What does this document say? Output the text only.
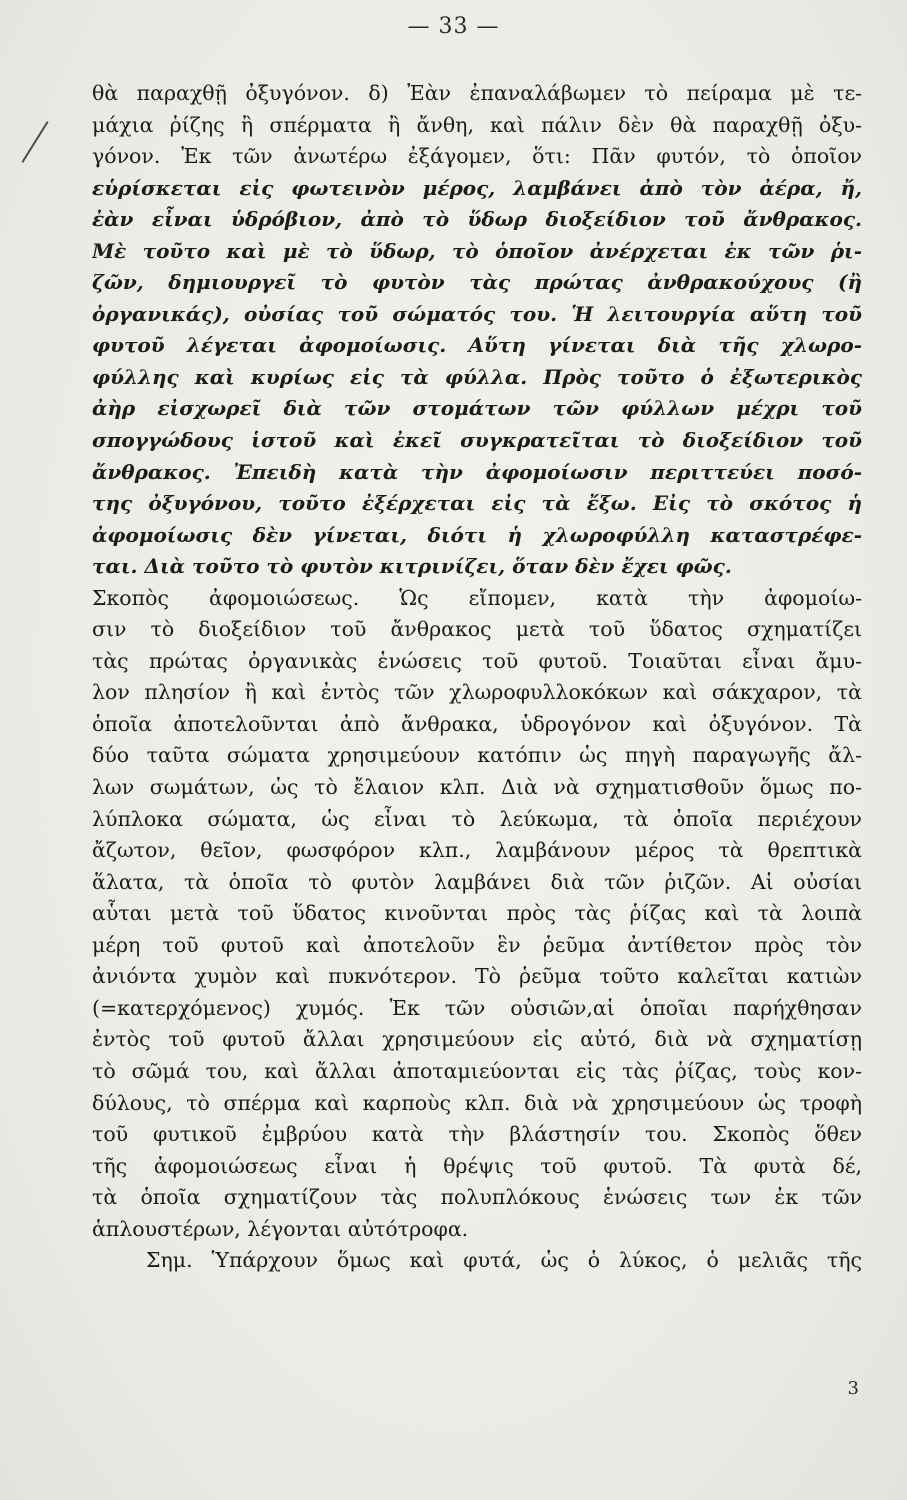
— 33 —
θὰ παραχθῇ ὀξυγόνον. δ) Ἐὰν ἐπαναλάβωμεν τὸ πείραμα μὲ τε-
μάχια ῥίζης ἢ σπέρματα ἢ ἄνθη, καὶ πάλιν δὲν θὰ παραχθῇ ὀξυ-
γόνον. Ἐκ τῶν ἀνωτέρω ἐξάγομεν, ὅτι: Πᾶν φυτόν, τὸ ὁποῖον
εὑρίσκεται εἰς φωτεινὸν μέρος, λαμβάνει ἀπὸ τὸν ἀέρα, ἤ,
ἐὰν εἶναι ὑδρόβιον, ἀπὸ τὸ ὕδωρ διοξείδιον τοῦ ἄνθρακος.
Μὲ τοῦτο καὶ μὲ τὸ ὕδωρ, τὸ ὁποῖον ἀνέρχεται ἐκ τῶν ῥι-
ζῶν, δημιουργεῖ τὸ φυτὸν τὰς πρώτας ἀνθρακούχους (ἢ
ὀργανικάς), οὐσίας τοῦ σώματός του. Ἡ λειτουργία αὕτη τοῦ
φυτοῦ λέγεται ἀφομοίωσις. Αὕτη γίνεται διὰ τῆς χλωρο-
φύλλης καὶ κυρίως εἰς τὰ φύλλα. Πρὸς τοῦτο ὁ ἐξωτερικὸς
ἀὴρ εἰσχωρεῖ διὰ τῶν στομάτων τῶν φύλλων μέχρι τοῦ
σπογγώδους ἱστοῦ καὶ ἐκεῖ συγκρατεῖται τὸ διοξείδιον τοῦ
ἄνθρακος. Ἐπειδὴ κατὰ τὴν ἀφομοίωσιν περιττεύει ποσό-
της ὀξυγόνου, τοῦτο ἐξέρχεται εἰς τὰ ἔξω. Εἰς τὸ σκότος ἡ
ἀφομοίωσις δὲν γίνεται, διότι ἡ χλωροφύλλη καταστρέφε-
ται. Διὰ τοῦτο τὸ φυτὸν κιτρινίζει, ὅταν δὲν ἔχει φῶς.
Σκοπὸς ἀφομοιώσεως. Ὡς εἴπομεν, κατὰ τὴν ἀφομοίω-
σιν τὸ διοξείδιον τοῦ ἄνθρακος μετὰ τοῦ ὕδατος σχηματίζει
τὰς πρώτας ὀργανικὰς ἑνώσεις τοῦ φυτοῦ. Τοιαῦται εἶναι ἄμυ-
λον πλησίον ἢ καὶ ἐντὸς τῶν χλωροφυλλοκόκων καὶ σάκχαρον, τὰ
ὁποῖα ἀποτελοῦνται ἀπὸ ἄνθρακα, ὑδρογόνον καὶ ὀξυγόνον. Τὰ
δύο ταῦτα σώματα χρησιμεύουν κατόπιν ὡς πηγὴ παραγωγῆς ἄλ-
λων σωμάτων, ὡς τὸ ἔλαιον κλπ. Διὰ νὰ σχηματισθοῦν ὅμως πο-
λύπλοκα σώματα, ὡς εἶναι τὸ λεύκωμα, τὰ ὁποῖα περιέχουν
ἄζωτον, θεῖον, φωσφόρον κλπ., λαμβάνουν μέρος τὰ θρεπτικὰ
ἅλατα, τὰ ὁποῖα τὸ φυτὸν λαμβάνει διὰ τῶν ῥιζῶν. Αἱ οὐσίαι
αὗται μετὰ τοῦ ὕδατος κινοῦνται πρὸς τὰς ῥίζας καὶ τὰ λοιπὰ
μέρη τοῦ φυτοῦ καὶ ἀποτελοῦν ἓν ῥεῦμα ἀντίθετον πρὸς τὸν
ἀνιόντα χυμὸν καὶ πυκνότερον. Τὸ ῥεῦμα τοῦτο καλεῖται κατιὼν
(=κατερχόμενος) χυμός. Ἐκ τῶν οὐσιῶν,αἱ ὁποῖαι παρήχθησαν
ἐντὸς τοῦ φυτοῦ ἄλλαι χρησιμεύουν εἰς αὐτό, διὰ νὰ σχηματίσῃ
τὸ σῶμά του, καὶ ἄλλαι ἀποταμιεύονται εἰς τὰς ῥίζας, τοὺς κον-
δύλους, τὸ σπέρμα καὶ καρποὺς κλπ. διὰ νὰ χρησιμεύουν ὡς τροφὴ
τοῦ φυτικοῦ ἐμβρύου κατὰ τὴν βλάστησίν του. Σκοπὸς ὅθεν
τῆς ἀφομοιώσεως εἶναι ἡ θρέψις τοῦ φυτοῦ. Τὰ φυτὰ δέ,
τὰ ὁποῖα σχηματίζουν τὰς πολυπλόκους ἑνώσεις των ἐκ τῶν
ἁπλουστέρων, λέγονται αὐτότροφα.
Σημ. Ὑπάρχουν ὅμως καὶ φυτά, ὡς ὁ λύκος, ὁ μελιᾶς τῆς
3
